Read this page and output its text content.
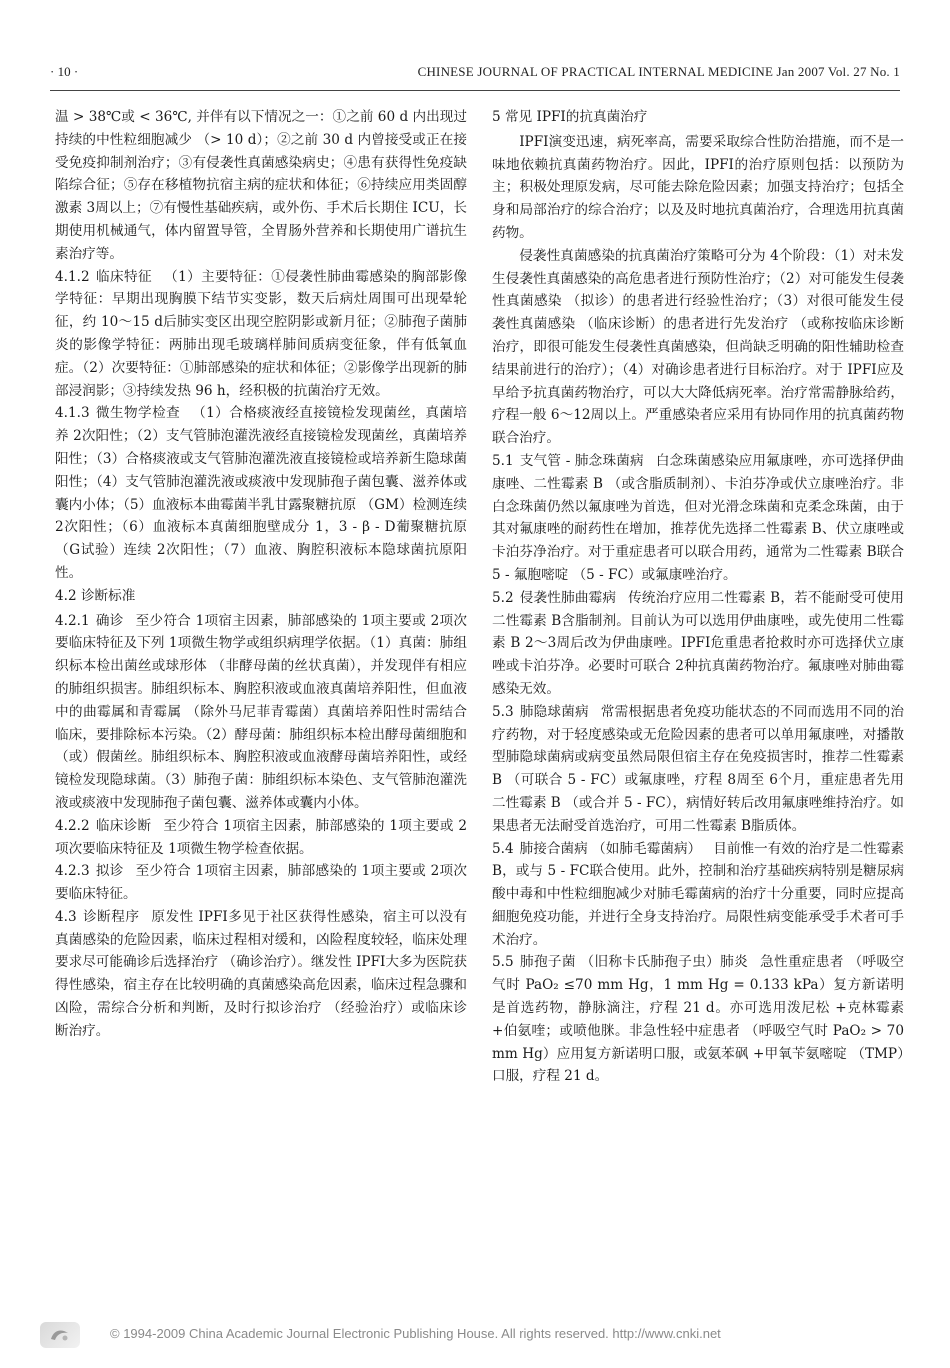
· 10 ·	CHINESE JOURNAL OF PRACTICAL INTERNAL MEDICINE Jan 2007 Vol. 27 No. 1

温 > 38℃或 < 36℃, 并伴有以下情况之一：①之前 60 d 内出现过持续的中性粒细胞减少 （> 10 d）；②之前 30 d 内曾接受或正在接受免疫抑制剂治疗；③有侵袭性真菌感染病史；④患有获得性免疫缺陷综合征；⑤存在移植物抗宿主病的症状和体征；⑥持续应用类固醇激素 3周以上；⑦有慢性基础疾病，或外伤、手术后长期住 ICU，长期使用机械通气，体内留置导管，全胃肠外营养和长期使用广谱抗生素治疗等。

4.1.2 临床特征 （1）主要特征：①侵袭性肺曲霉感染的胸部影像学特征：早期出现胸膜下结节实变影，数天后病灶周围可出现晕轮征，约 10～15 d后肺实变区出现空腔阴影或新月征；②肺孢子菌肺炎的影像学特征：两肺出现毛玻璃样肺间质病变征象，伴有低氧血症。（2）次要特征：①肺部感染的症状和体征；②影像学出现新的肺部浸润影；③持续发热 96 h，经积极的抗菌治疗无效。

4.1.3 微生物学检查 （1）合格痰液经直接镜检发现菌丝，真菌培养 2次阳性；（2）支气管肺泡灌洗液经直接镜检发现菌丝，真菌培养阳性；（3）合格痰液或支气管肺泡灌洗液直接镜检或培养新生隐球菌阳性；（4）支气管肺泡灌洗液或痰液中发现肺孢子菌包囊、滋养体或囊内小体；（5）血液标本曲霉菌半乳甘露聚糖抗原 （GM）检测连续 2次阳性；（6）血液标本真菌细胞壁成分 1，3 - β - D葡聚糖抗原 （G试验）连续 2次阳性；（7）血液、胸腔积液标本隐球菌抗原阳性。

4.2 诊断标准

4.2.1 确诊 至少符合 1项宿主因素，肺部感染的 1项主要或 2项次要临床特征及下列 1项微生物学或组织病理学依据。（1）真菌：肺组织标本检出菌丝或球形体 （非酵母菌的丝状真菌），并发现伴有相应的肺组织损害。肺组织标本、胸腔积液或血液真菌培养阳性，但血液中的曲霉属和青霉属 （除外马尼菲青霉菌）真菌培养阳性时需结合临床，要排除标本污染。（2）酵母菌：肺组织标本检出酵母菌细胞和 （或）假菌丝。肺组织标本、胸腔积液或血液酵母菌培养阳性，或经镜检发现隐球菌。（3）肺孢子菌：肺组织标本染色、支气管肺泡灌洗液或痰液中发现肺孢子菌包囊、滋养体或囊内小体。

4.2.2 临床诊断 至少符合 1项宿主因素，肺部感染的 1项主要或 2项次要临床特征及 1项微生物学检查依据。

4.2.3 拟诊 至少符合 1项宿主因素，肺部感染的 1项主要或 2项次要临床特征。

4.3 诊断程序 原发性 IPFI多见于社区获得性感染，宿主可以没有真菌感染的危险因素，临床过程相对缓和，凶险程度较轻，临床处理要求尽可能确诊后选择治疗 （确诊治疗）。继发性 IPFI大多为医院获得性感染，宿主存在比较明确的真菌感染高危因素，临床过程急骤和凶险，需综合分析和判断，及时行拟诊治疗 （经验治疗）或临床诊断治疗。

5 常见 IPFI的抗真菌治疗

IPFI演变迅速，病死率高，需要采取综合性防治措施，而不是一味地依赖抗真菌药物治疗。因此，IPFI的治疗原则包括：以预防为主；积极处理原发病，尽可能去除危险因素；加强支持治疗；包括全身和局部治疗的综合治疗；以及及时地抗真菌治疗，合理选用抗真菌药物。

侵袭性真菌感染的抗真菌治疗策略可分为 4个阶段：（1）对未发生侵袭性真菌感染的高危患者进行预防性治疗；（2）对可能发生侵袭性真菌感染 （拟诊）的患者进行经验性治疗；（3）对很可能发生侵袭性真菌感染 （临床诊断）的患者进行先发治疗 （或称按临床诊断治疗，即很可能发生侵袭性真菌感染，但尚缺乏明确的阳性辅助检查结果前进行的治疗）；（4）对确诊患者进行目标治疗。对于 IPFI应及早给予抗真菌药物治疗，可以大大降低病死率。治疗常需静脉给药，疗程一般 6～12周以上。严重感染者应采用有协同作用的抗真菌药物联合治疗。

5.1 支气管 - 肺念珠菌病 白念珠菌感染应用氟康唑，亦可选择伊曲康唑、二性霉素 B （或含脂质制剂）、卡泊芬净或伏立康唑治疗。非白念珠菌仍然以氟康唑为首选，但对光滑念珠菌和克柔念珠菌，由于其对氟康唑的耐药性在增加，推荐优先选择二性霉素 B、伏立康唑或卡泊芬净治疗。对于重症患者可以联合用药，通常为二性霉素 B联合 5 - 氟胞嘧啶 （5 - FC）或氟康唑治疗。

5.2 侵袭性肺曲霉病 传统治疗应用二性霉素 B，若不能耐受可使用二性霉素 B含脂制剂。目前认为可以选用伊曲康唑，或先使用二性霉素 B 2～3周后改为伊曲康唑。IPFI危重患者抢救时亦可选择伏立康唑或卡泊芬净。必要时可联合 2种抗真菌药物治疗。氟康唑对肺曲霉感染无效。

5.3 肺隐球菌病 常需根据患者免疫功能状态的不同而选用不同的治疗药物，对于轻度感染或无危险因素的患者可以单用氟康唑，对播散型肺隐球菌病或病变虽然局限但宿主存在免疫损害时，推荐二性霉素 B （可联合 5 - FC）或氟康唑，疗程 8周至 6个月，重症患者先用二性霉素 B （或合并 5 - FC），病情好转后改用氟康唑维持治疗。如果患者无法耐受首选治疗，可用二性霉素 B脂质体。

5.4 肺接合菌病 （如肺毛霉菌病） 目前惟一有效的治疗是二性霉素 B，或与 5 - FC联合使用。此外，控制和治疗基础疾病特别是糖尿病酸中毒和中性粒细胞减少对肺毛霉菌病的治疗十分重要，同时应提高細胞免疫功能，并进行全身支持治疗。局限性病变能承受手术者可手术治疗。

5.5 肺孢子菌 （旧称卡氏肺孢子虫）肺炎 急性重症患者 （呼吸空气时 PaO₂ ≤70 mm Hg，1 mm Hg = 0.133 kPa）复方新诺明是首选药物，静脉滴注，疗程 21 d。亦可选用泼尼松 +克林霉素 +伯氨喹；或喷他脒。非急性轻中症患者 （呼吸空气时 PaO₂ > 70 mm Hg）应用复方新诺明口服，或氨苯砜 +甲氧苄氨嘧啶 （TMP）口服，疗程 21 d。

© 1994-2009 China Academic Journal Electronic Publishing House. All rights reserved. http://www.cnki.net
